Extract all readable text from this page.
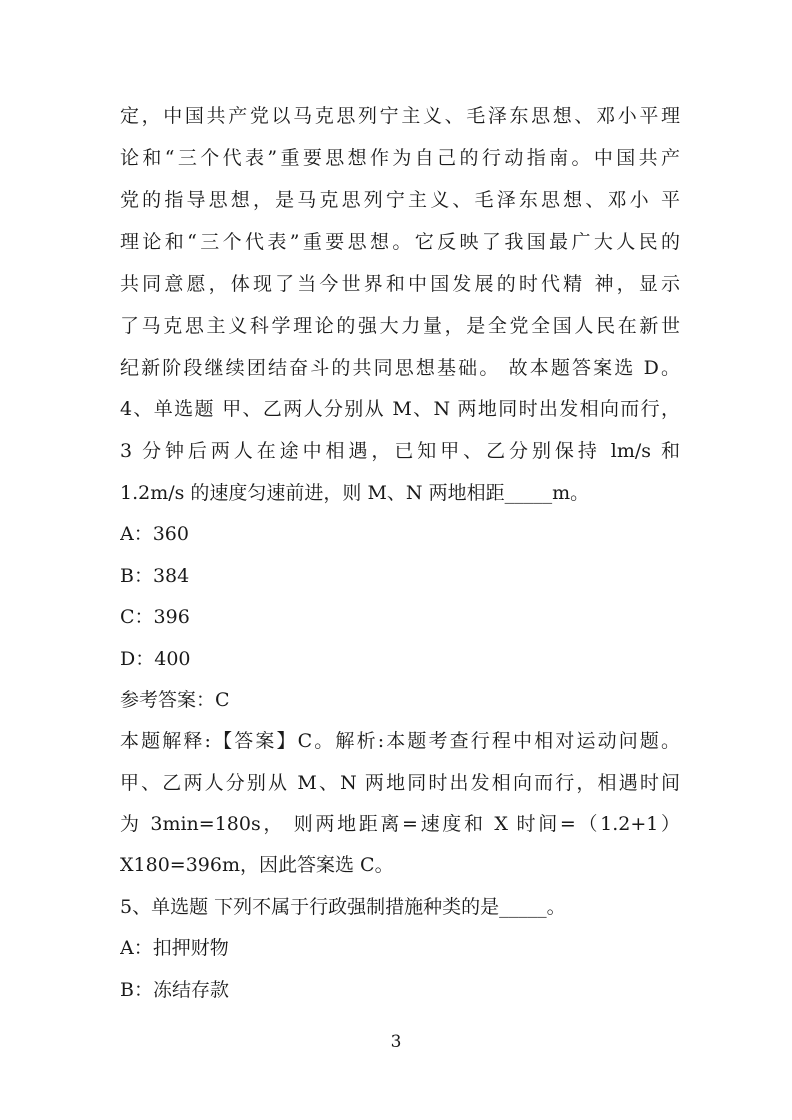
定，中国共产党以马克思列宁主义、毛泽东思想、邓小平理
论和“三个代表”重要思想作为自己的行动指南。中国共产
党的指导思想，是马克思列宁主义、毛泽东思想、邓小 平
理论和“三个代表”重要思想。它反映了我国最广大人民的
共同意愿，体现了当今世界和中国发展的时代精 神，显示
了马克思主义科学理论的强大力量，是全党全国人民在新世
纪新阶段继续团结奋斗的共同思想基础。 故本题答案选 D。
4、单选题 甲、乙两人分别从 M、N 两地同时出发相向而行，
3 分钟后两人在途中相遇，已知甲、乙分别保持 lm/s 和
1.2m/s 的速度匀速前进，则 M、N 两地相距_____m。
A：360
B：384
C：396
D：400
参考答案：C
本题解释:【答案】C。解析:本题考查行程中相对运动问题。
甲、乙两人分别从 M、N 两地同时出发相向而行，相遇时间
为 3min=180s， 则两地距离=速度和 X 时间=（1.2+1）
X180=396m，因此答案选 C。
5、单选题 下列不属于行政强制措施种类的是_____。
A：扣押财物
B：冻结存款
3
